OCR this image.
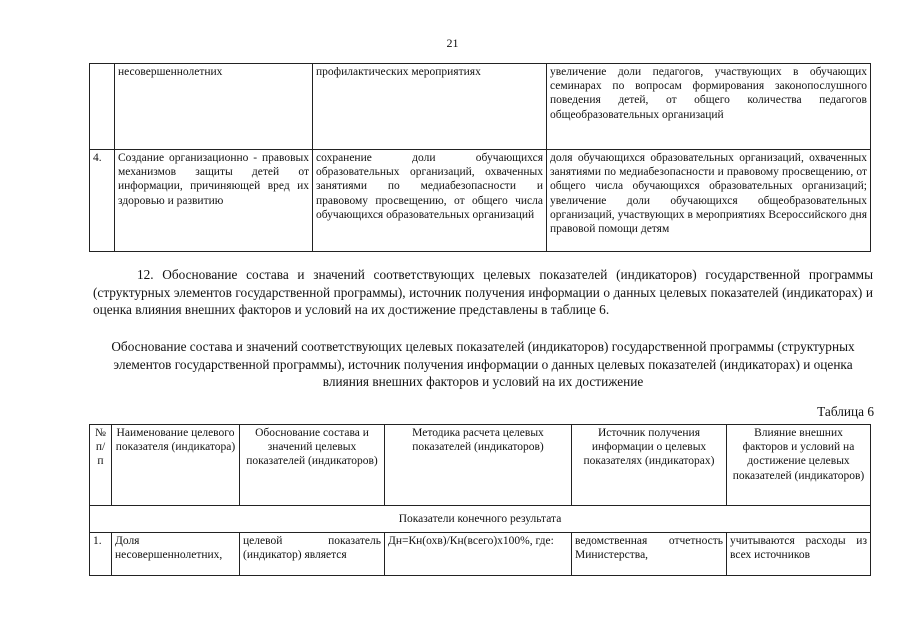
21
	несовершеннолетних	профилактических мероприятиях	увеличение доли педагогов, участвующих в обучающих семинарах по вопросам формирования законопослушного поведения детей, от общего количества педагогов общеобразовательных организаций
4.	Создание организационно - правовых механизмов защиты детей от информации, причиняющей вред их здоровью и развитию	сохранение доли обучающихся образовательных организаций, охваченных занятиями по медиабезопасности и правовому просвещению, от общего числа обучающихся образовательных организаций	доля обучающихся образовательных организаций, охваченных занятиями по медиабезопасности и правовому просвещению, от общего числа обучающихся образовательных организаций; увеличение доли обучающихся общеобразовательных организаций, участвующих в мероприятиях Всероссийского дня правовой помощи детям
12. Обоснование состава и значений соответствующих целевых показателей (индикаторов) государственной программы (структурных элементов государственной программы), источник получения информации о данных целевых показателей (индикаторах) и оценка влияния внешних факторов и условий на их достижение представлены в таблице 6.
Обоснование состава и значений соответствующих целевых показателей (индикаторов) государственной программы (структурных элементов государственной программы), источник получения информации о данных целевых показателей (индикаторах) и оценка влияния внешних факторов и условий на их достижение
Таблица 6
№ п/ п	Наименование целевого показателя (индикатора)	Обоснование состава и значений целевых показателей (индикаторов)	Методика расчета целевых показателей (индикаторов)	Источник получения информации о целевых показателях (индикаторах)	Влияние внешних факторов и условий на достижение целевых показателей (индикаторов)
Показатели конечного результата					
1.	Доля несовершеннолетних,	целевой показатель (индикатор) является	Дн=Кн(охв)/Кн(всего)х100%, где:	ведомственная отчетность Министерства,	учитываются расходы из всех источников
